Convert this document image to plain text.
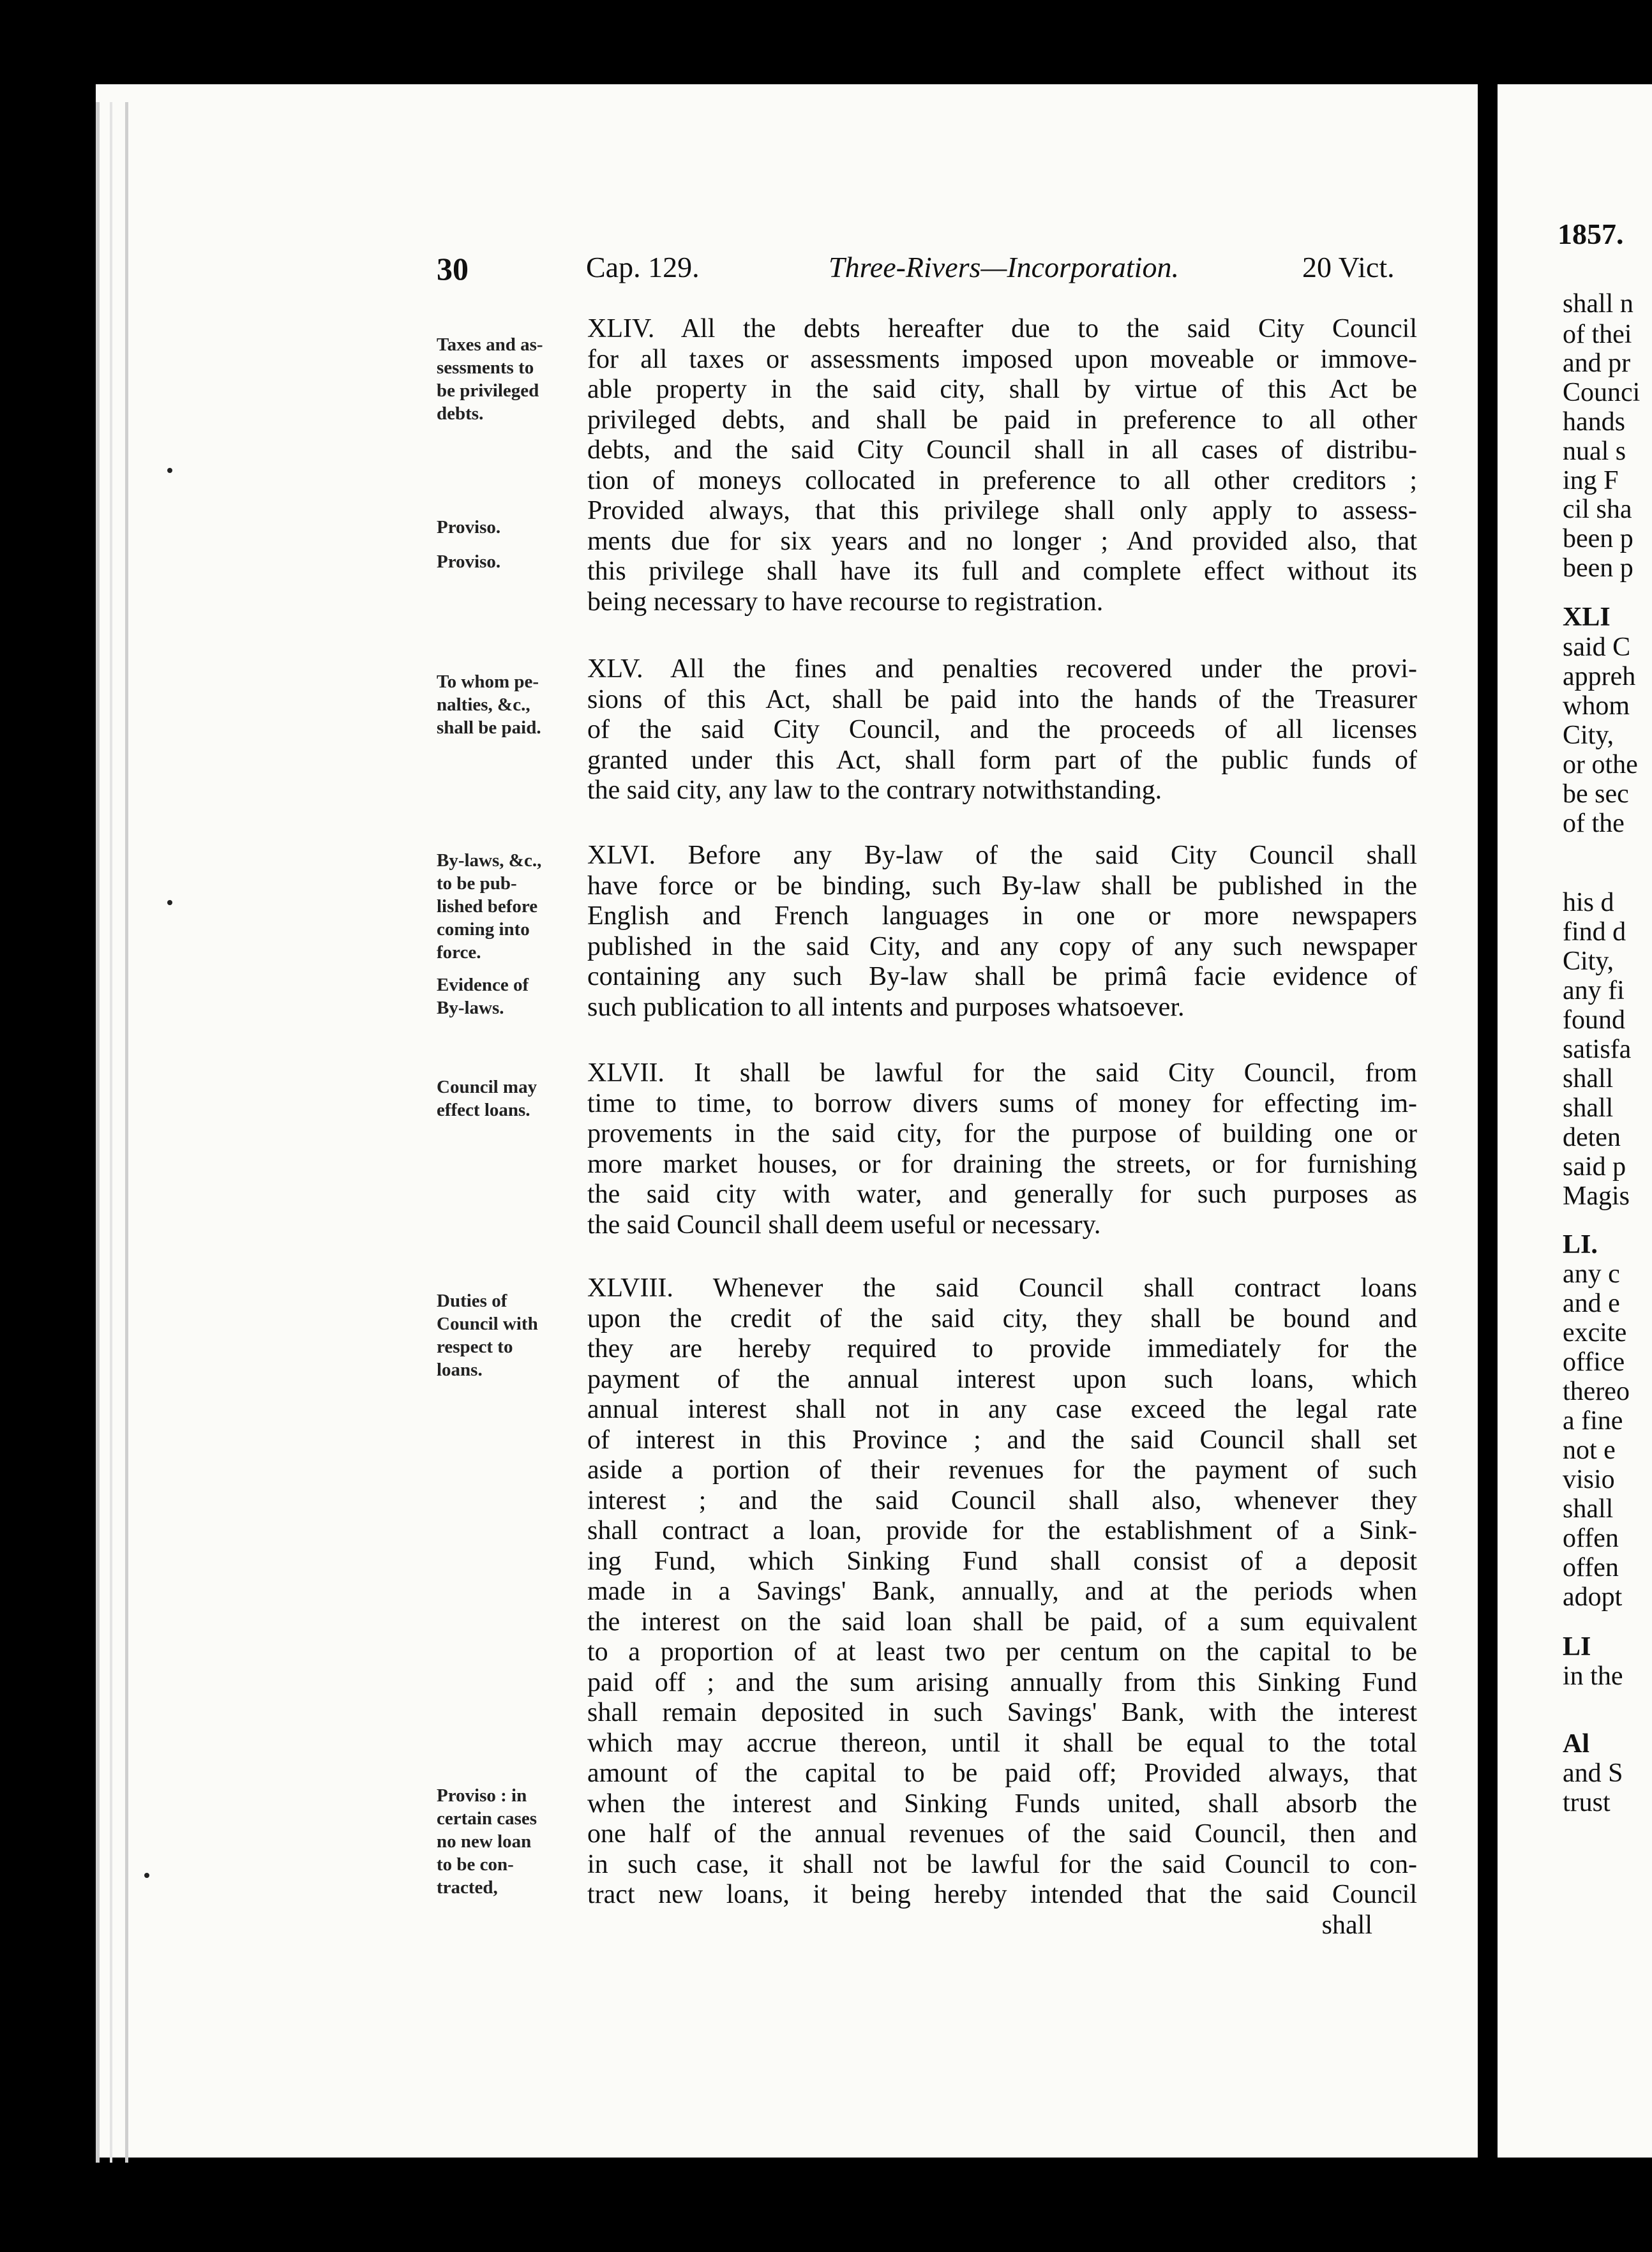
30	Cap. 129.	Three-Rivers—Incorporation.	20 Vict.
Taxes and as-
sessments to
be privileged
debts.
Proviso.
Proviso.
To whom pe-
nalties, &c.,
shall be paid.
By-laws, &c.,
to be pub-
lished before
coming into
force.
Evidence of
By-laws.
Council may
effect loans.
Duties of
Council with
respect to
loans.
Proviso : in
certain cases
no new loan
to be con-
tracted,
XLIV. All the debts hereafter due to the said City Council
for all taxes or assessments imposed upon moveable or immove-
able property in the said city, shall by virtue of this Act be
privileged debts, and shall be paid in preference to all other
debts, and the said City Council shall in all cases of distribu-
tion of moneys collocated in preference to all other creditors ;
Provided always, that this privilege shall only apply to assess-
ments due for six years and no longer ; And provided also, that
this privilege shall have its full and complete effect without its
being necessary to have recourse to registration.
XLV. All the fines and penalties recovered under the provi-
sions of this Act, shall be paid into the hands of the Treasurer
of the said City Council, and the proceeds of all licenses
granted under this Act, shall form part of the public funds of
the said city, any law to the contrary notwithstanding.
XLVI. Before any By-law of the said City Council shall
have force or be binding, such By-law shall be published in the
English and French languages in one or more newspapers
published in the said City, and any copy of any such newspaper
containing any such By-law shall be primâ facie evidence of
such publication to all intents and purposes whatsoever.
XLVII. It shall be lawful for the said City Council, from
time to time, to borrow divers sums of money for effecting im-
provements in the said city, for the purpose of building one or
more market houses, or for draining the streets, or for furnishing
the said city with water, and generally for such purposes as
the said Council shall deem useful or necessary.
XLVIII. Whenever the said Council shall contract loans
upon the credit of the said city, they shall be bound and
they are hereby required to provide immediately for the
payment of the annual interest upon such loans, which
annual interest shall not in any case exceed the legal rate
of interest in this Province ; and the said Council shall set
aside a portion of their revenues for the payment of such
interest ; and the said Council shall also, whenever they
shall contract a loan, provide for the establishment of a Sink-
ing Fund, which Sinking Fund shall consist of a deposit
made in a Savings' Bank, annually, and at the periods when
the interest on the said loan shall be paid, of a sum equivalent
to a proportion of at least two per centum on the capital to be
paid off ; and the sum arising annually from this Sinking Fund
shall remain deposited in such Savings' Bank, with the interest
which may accrue thereon, until it shall be equal to the total
amount of the capital to be paid off; Provided always, that
when the interest and Sinking Funds united, shall absorb the
one half of the annual revenues of the said Council, then and
in such case, it shall not be lawful for the said Council to con-
tract new loans, it being hereby intended that the said Council
shall
1857.
shall n
of thei
and pr
Counci
hands
nual s
ing F
cil sha
been p
been p
XLI
said C
appreh
whom
City,
or othe
be sec
of the
his d
find d
City,
any fi
found
satisfa
shall
shall
deten
said p
Magis
LI.
any c
and e
excite
office
thereo
a fine
not e
visio
shall
offen
offen
adopt
LI
in the
Al
and S
trust
